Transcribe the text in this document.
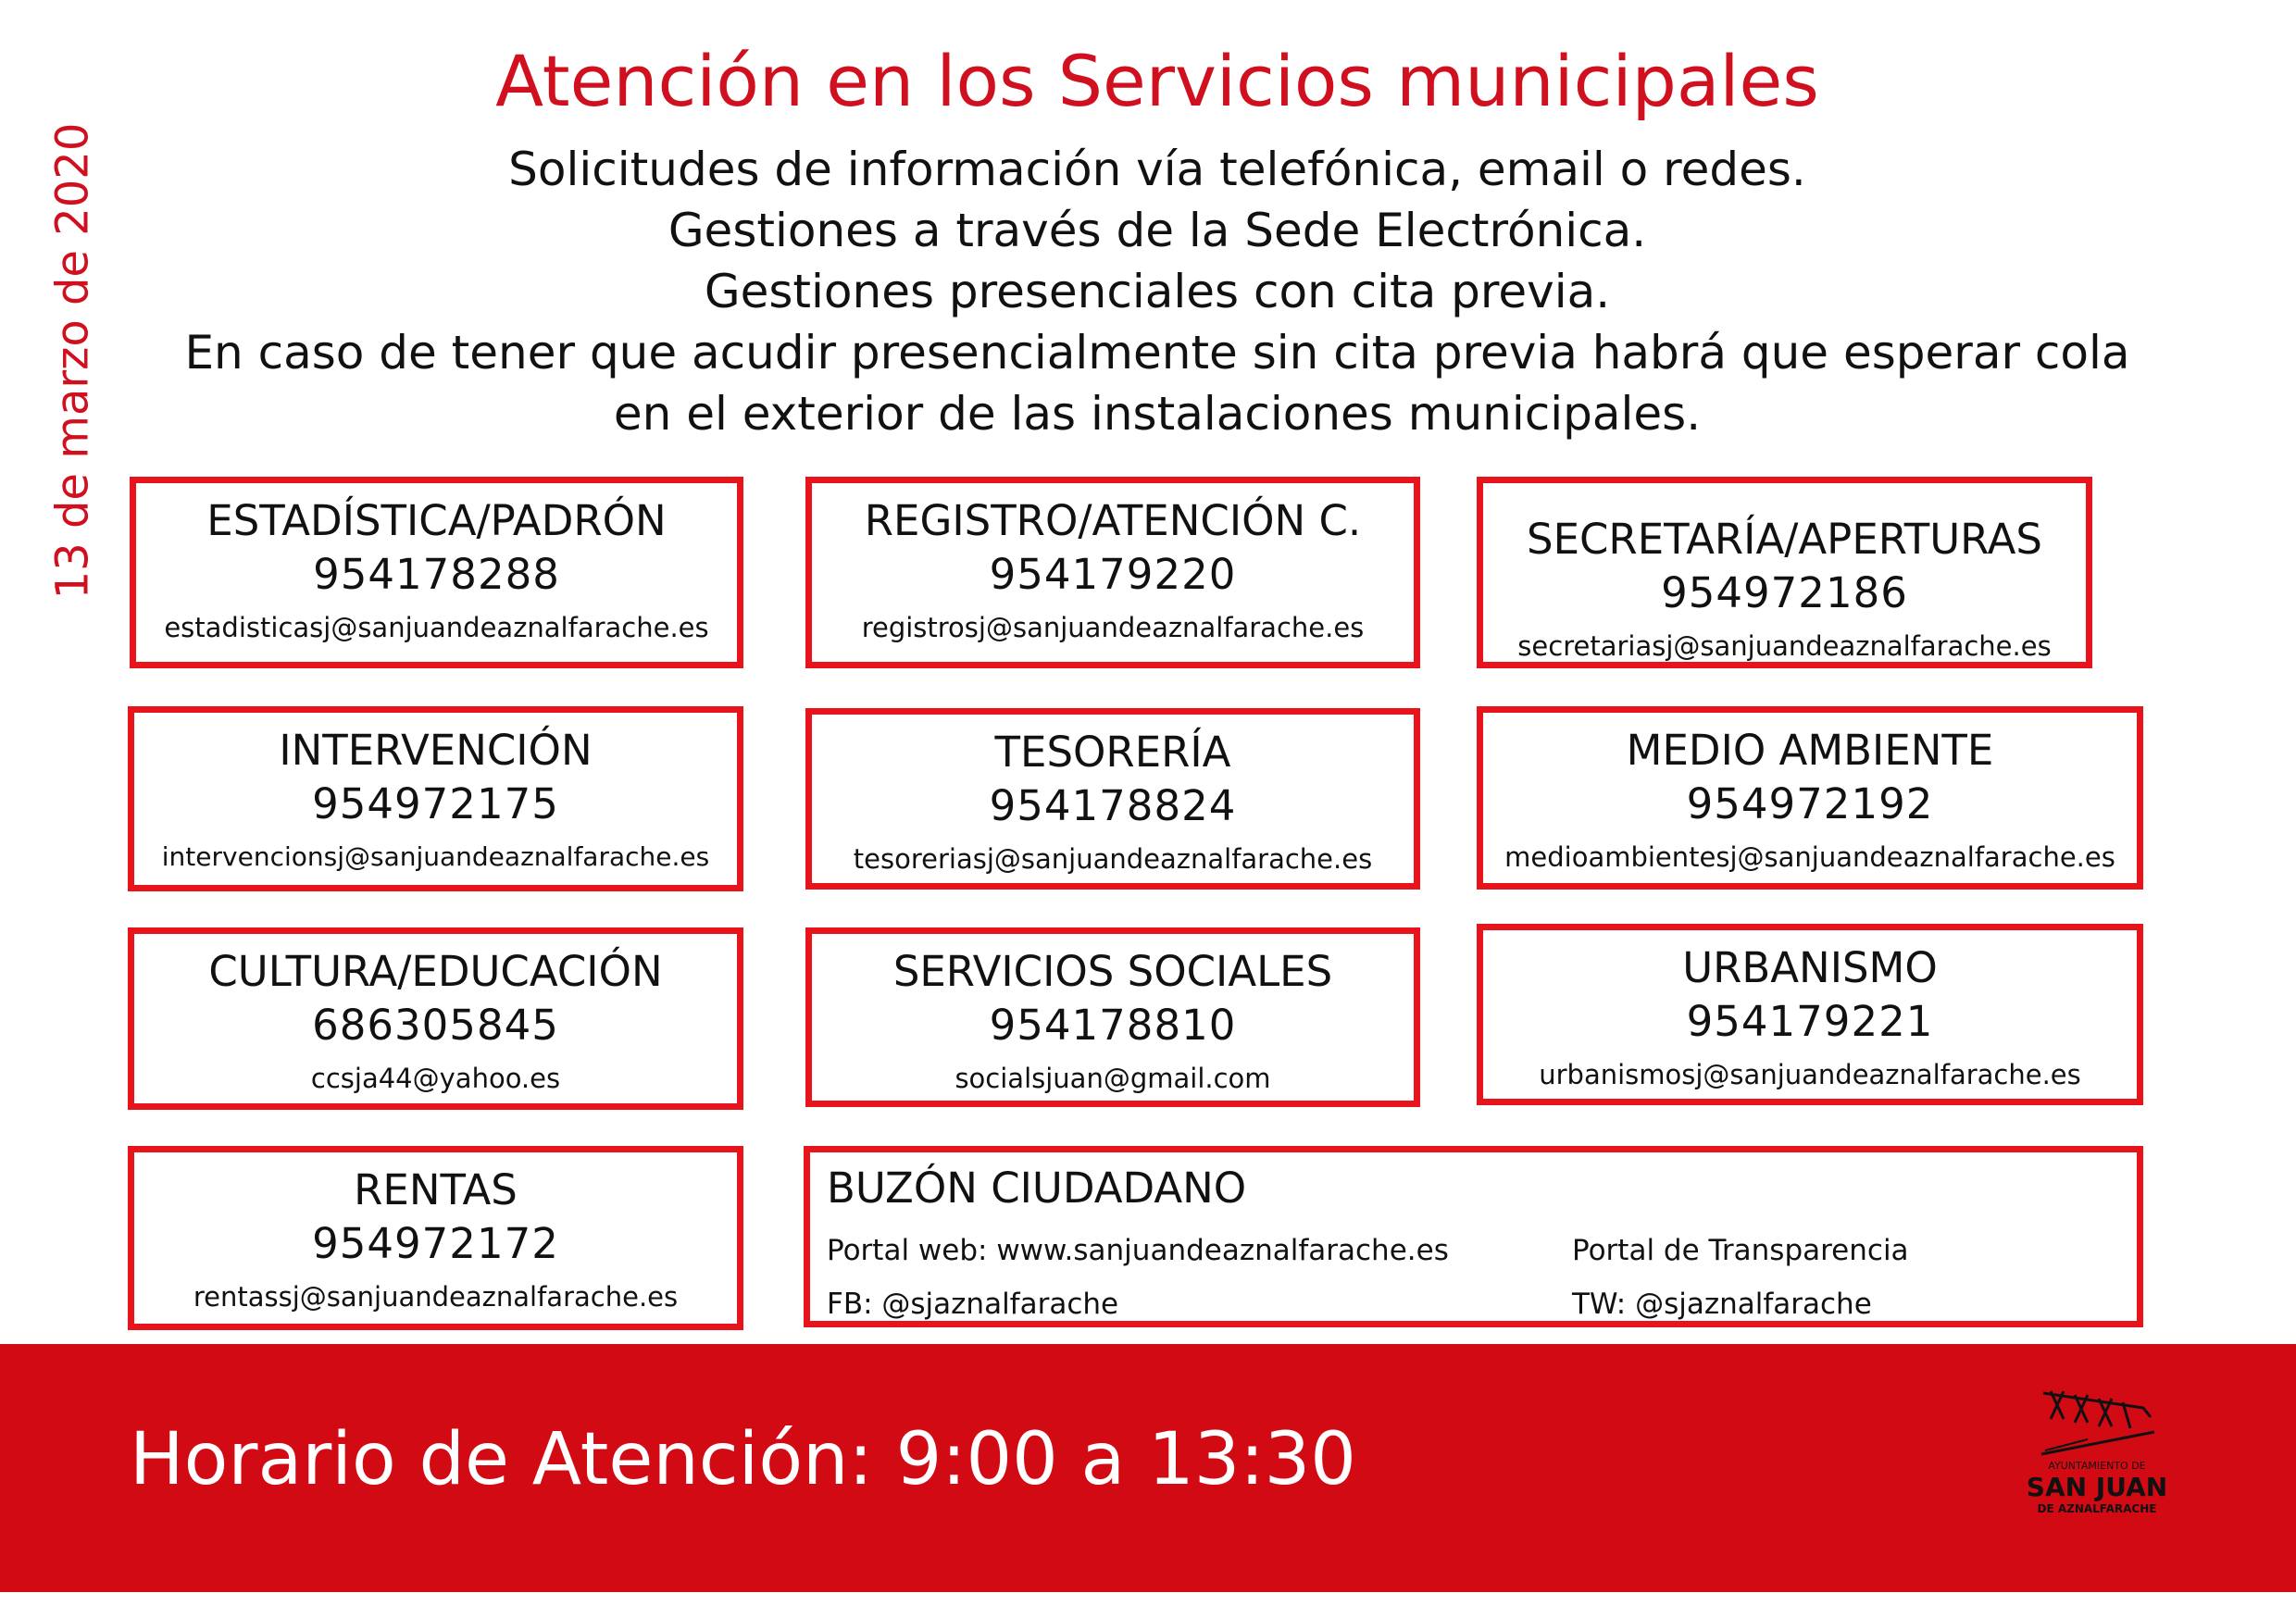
13 de marzo de 2020
Atención en los Servicios municipales
Solicitudes de información vía telefónica, email o redes.
Gestiones a través de la Sede Electrónica.
Gestiones presenciales con cita previa.
En caso de tener que acudir presencialmente sin cita previa habrá que esperar cola
en el exterior de las instalaciones municipales.
ESTADÍSTICA/PADRÓN
954178288
estadisticasj@sanjuandeaznalfarache.es
REGISTRO/ATENCIÓN C.
954179220
registrosj@sanjuandeaznalfarache.es
SECRETARÍA/APERTURAS
954972186
secretariasj@sanjuandeaznalfarache.es
INTERVENCIÓN
954972175
intervencionsj@sanjuandeaznalfarache.es
TESORERÍA
954178824
tesoreriasj@sanjuandeaznalfarache.es
MEDIO AMBIENTE
954972192
medioambientesj@sanjuandeaznalfarache.es
CULTURA/EDUCACIÓN
686305845
ccsja44@yahoo.es
SERVICIOS SOCIALES
954178810
socialsjuan@gmail.com
URBANISMO
954179221
urbanismosj@sanjuandeaznalfarache.es
RENTAS
954972172
rentassj@sanjuandeaznalfarache.es
BUZÓN CIUDADANO
Portal web: www.sanjuandeaznalfarache.es	Portal de Transparencia
FB: @sjaznalfarache	TW: @sjaznalfarache
Horario de Atención: 9:00 a 13:30	AYUNTAMIENTO DE
SAN JUAN
DE AZNALFARACHE
